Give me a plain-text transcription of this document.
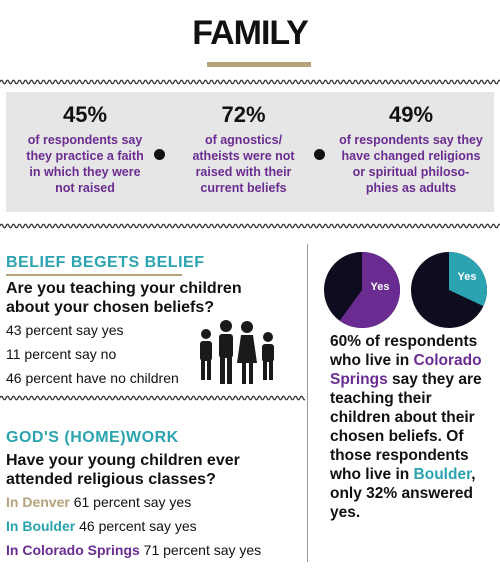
FAMILY
45%
of respondents say
they practice a faith
in which they were
not raised
72%
of agnostics/
atheists were not
raised with their
current beliefs
49%
of respondents say they
have changed religions
or spiritual philoso-
phies as adults
BELIEF BEGETS BELIEF
Are you teaching your children
about your chosen beliefs?
43 percent say yes
11 percent say no
46 percent have no children
GOD'S (HOME)WORK
Have your young children ever
attended religious classes?
In Denver 61 percent say yes
In Boulder 46 percent say yes
In Colorado Springs 71 percent say yes
Yes
Yes
60% of respondents who live in Colorado Springs say they are teaching their children about their chosen beliefs. Of those respondents who live in Boulder, only 32% answered yes.
